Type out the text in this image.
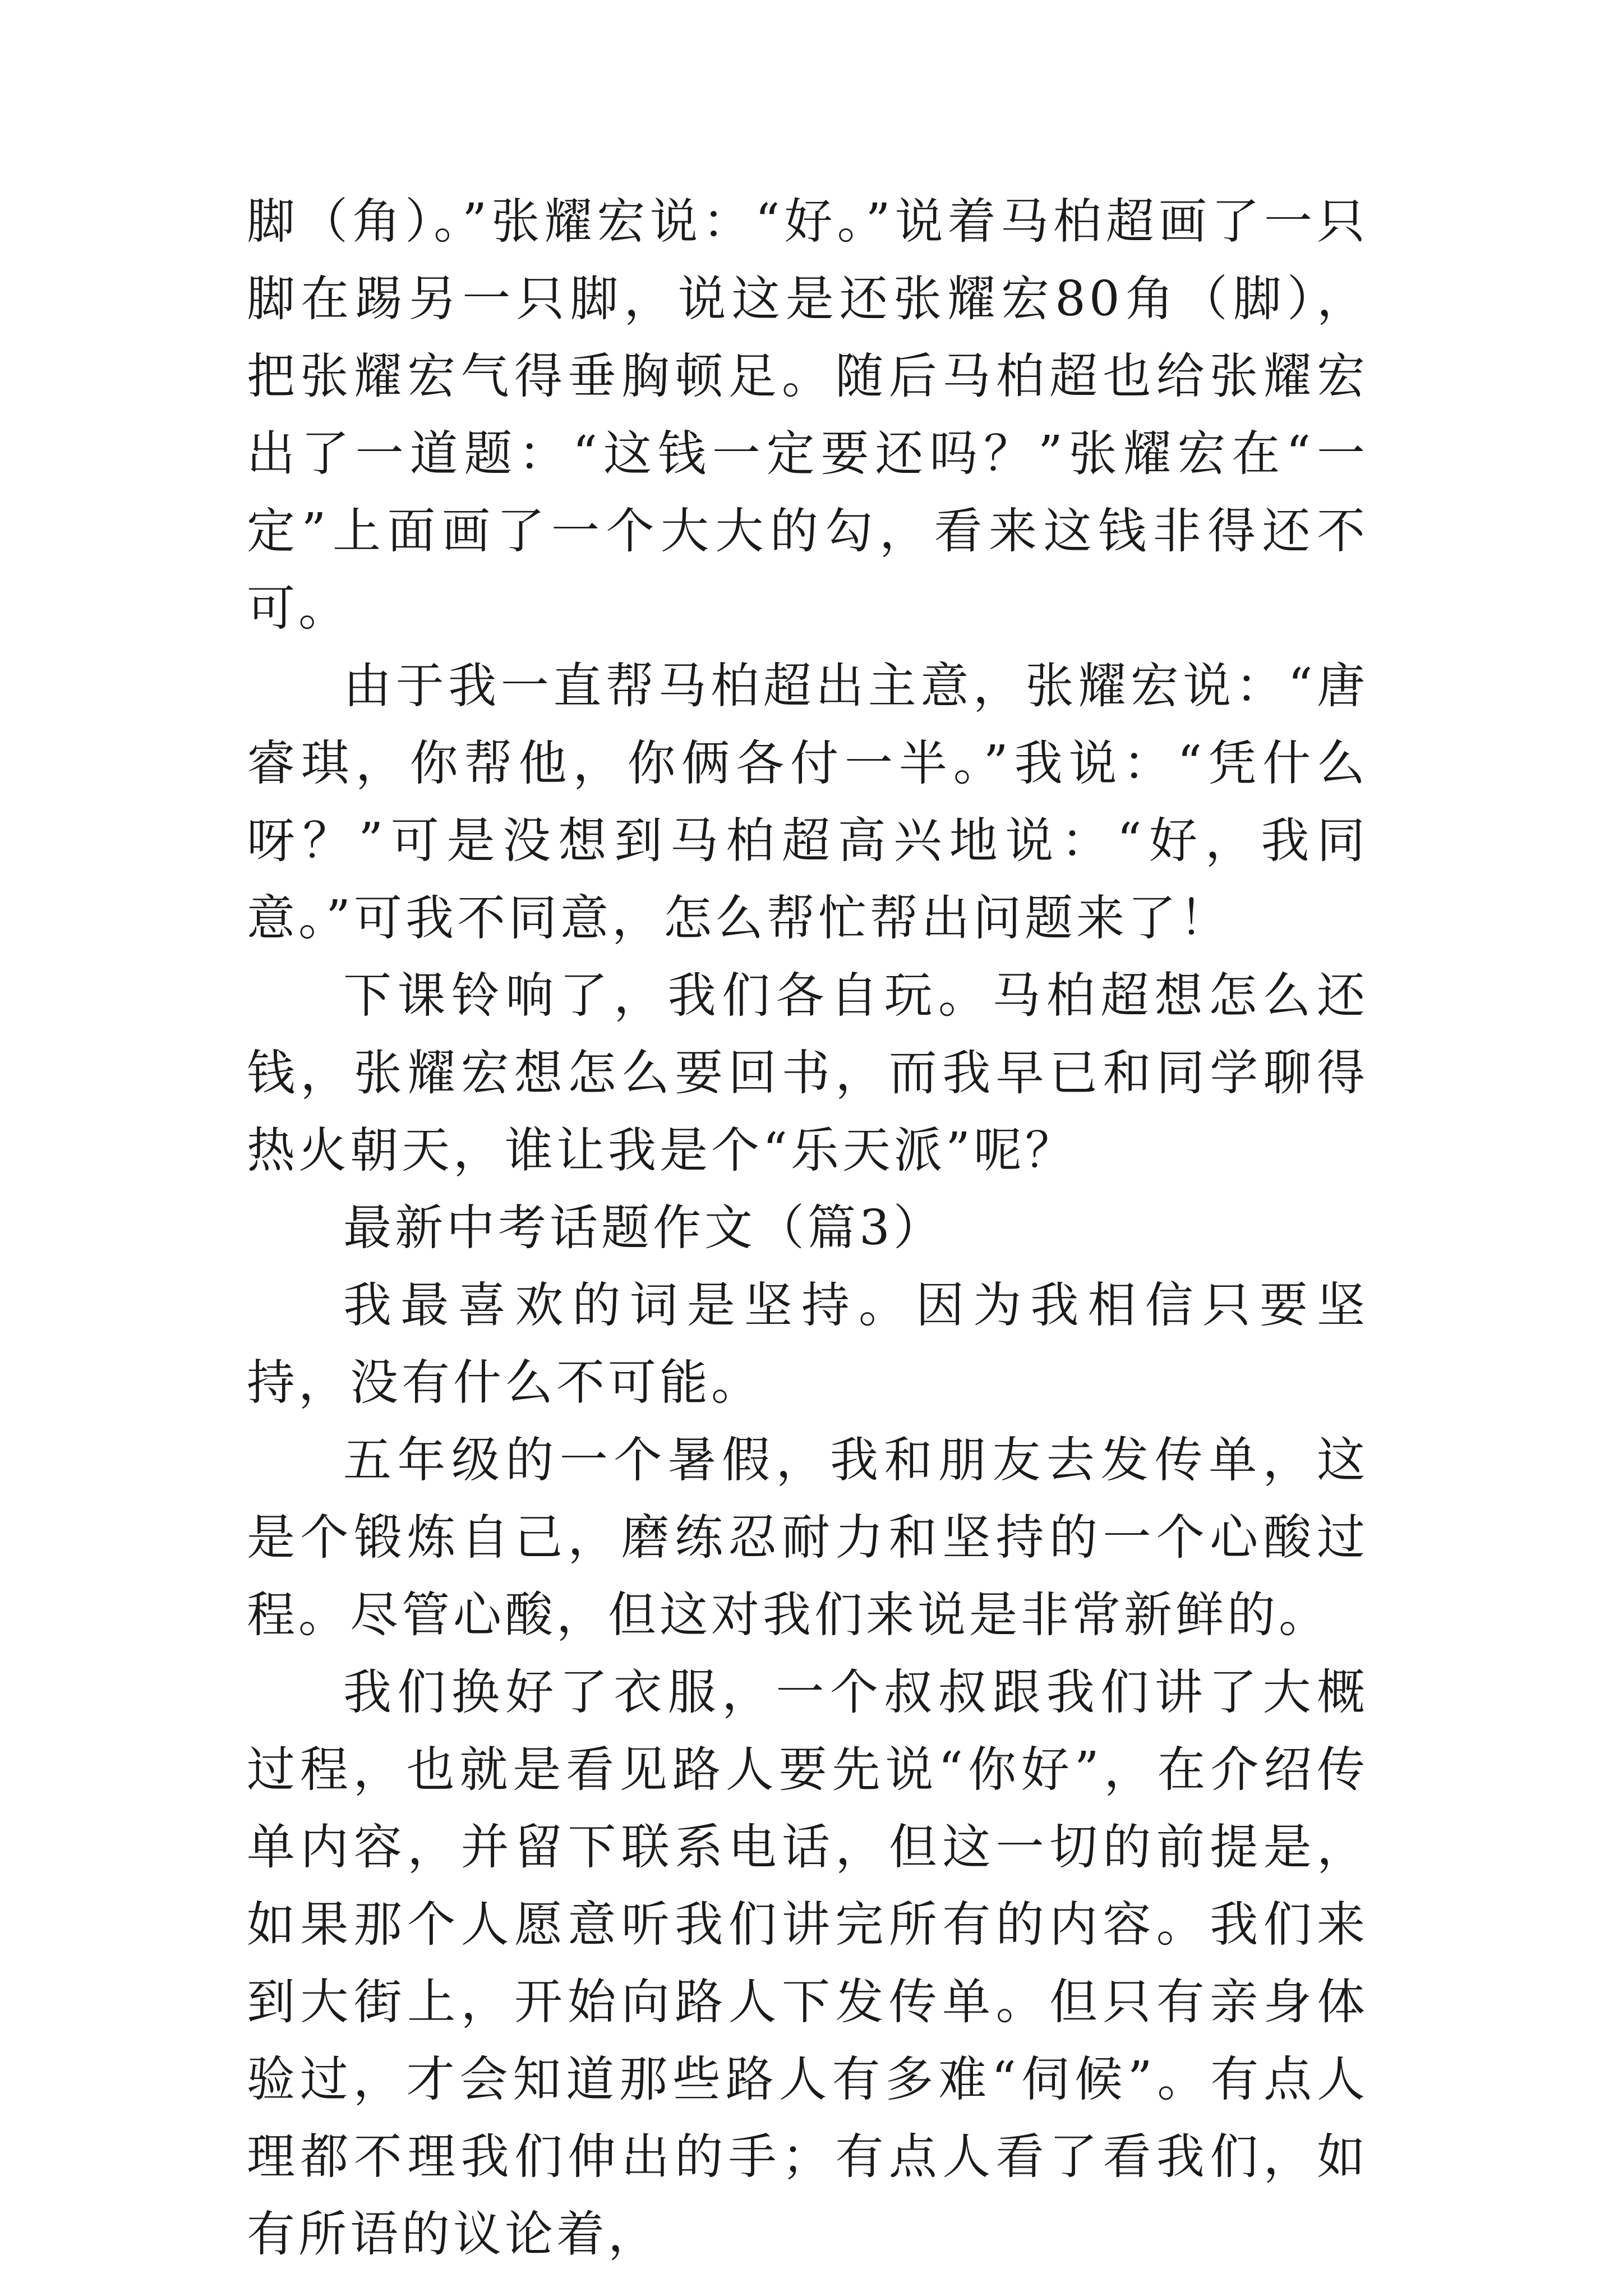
脚（角）。”张耀宏说：“好。”说着马柏超画了一只脚在踢另一只脚，说这是还张耀宏80角（脚），把张耀宏气得垂胸顿足。随后马柏超也给张耀宏出了一道题：“这钱一定要还吗？”张耀宏在“一定”上面画了一个大大的勾，看来这钱非得还不可。

由于我一直帮马柏超出主意，张耀宏说：“唐睿琪，你帮他，你俩各付一半。”我说：“凭什么呀？”可是没想到马柏超高兴地说：“好，我同意。”可我不同意，怎么帮忙帮出问题来了！

下课铃响了，我们各自玩。马柏超想怎么还钱，张耀宏想怎么要回书，而我早已和同学聊得热火朝天，谁让我是个“乐天派”呢？

最新中考话题作文（篇3）

我最喜欢的词是坚持。因为我相信只要坚持，没有什么不可能。

五年级的一个暑假，我和朋友去发传单，这是个锻炼自己，磨练忍耐力和坚持的一个心酸过程。尽管心酸，但这对我们来说是非常新鲜的。

我们换好了衣服，一个叔叔跟我们讲了大概过程，也就是看见路人要先说“你好”，在介绍传单内容，并留下联系电话，但这一切的前提是，如果那个人愿意听我们讲完所有的内容。我们来到大街上，开始向路人下发传单。但只有亲身体验过，才会知道那些路人有多难“伺候”。有点人理都不理我们伸出的手；有点人看了看我们，如有所语的议论着，
